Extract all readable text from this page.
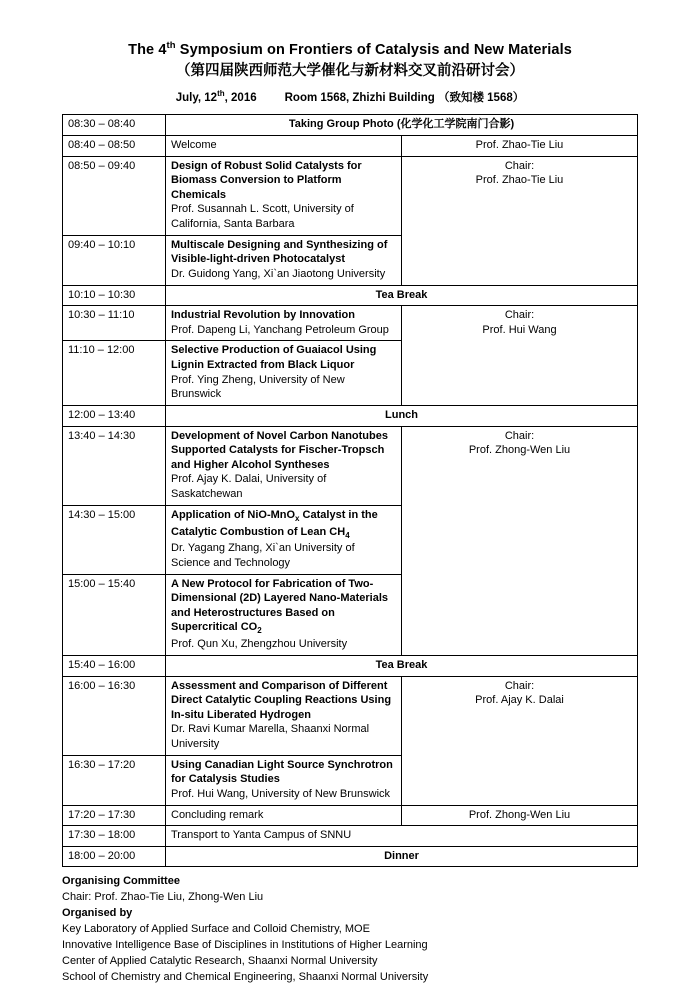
The 4th Symposium on Frontiers of Catalysis and New Materials
（第四届陕西师范大学催化与新材料交叉前沿研讨会）
July, 12th, 2016 Room 1568, Zhizhi Building （致知楼 1568）
08:30 – 08:40	Taking Group Photo (化学化工学院南门合影)	
08:40 – 08:50	Welcome	Prof. Zhao-Tie Liu
08:50 – 09:40	Design of Robust Solid Catalysts for Biomass Conversion to Platform Chemicals
Prof. Susannah L. Scott, University of California, Santa Barbara	Chair:
Prof. Zhao-Tie Liu
09:40 – 10:10	Multiscale Designing and Synthesizing of Visible-light-driven Photocatalyst
Dr. Guidong Yang, Xi`an Jiaotong University	

10:10 – 10:30	Tea Break	
10:30 – 11:10	Industrial Revolution by Innovation
Prof. Dapeng Li, Yanchang Petroleum Group	Chair:
Prof. Hui Wang
11:10 – 12:00	Selective Production of Guaiacol Using Lignin Extracted from Black Liquor
Prof. Ying Zheng, University of New Brunswick	

12:00 – 13:40	Lunch	
13:40 – 14:30	Development of Novel Carbon Nanotubes Supported Catalysts for Fischer-Tropsch and Higher Alcohol Syntheses
Prof. Ajay K. Dalai, University of Saskatchewan	Chair:
Prof. Zhong-Wen Liu
14:30 – 15:00	Application of NiO-MnO$_x$ Catalyst in the Catalytic Combustion of Lean $CH_4$
Dr. Yagang Zhang, Xi`an University of Science and Technology	

15:00 – 15:40	A New Protocol for Fabrication of Two-Dimensional (2D) Layered Nano-Materials and Heterostructures Based on Supercritical $CO_2$
Prof. Qun Xu, Zhengzhou University	

15:40 – 16:00	Tea Break	
16:00 – 16:30	Assessment and Comparison of Different Direct Catalytic Coupling Reactions Using In-situ Liberated Hydrogen
Dr. Ravi Kumar Marella, Shaanxi Normal University	Chair:
Prof. Ajay K. Dalai
16:30 – 17:20	Using Canadian Light Source Synchrotron for Catalysis Studies
Prof. Hui Wang, University of New Brunswick	

17:20 – 17:30	Concluding remark	Prof. Zhong-Wen Liu
17:30 – 18:00	Transport to Yanta Campus of SNNU	
18:00 – 20:00	Dinner	
Organising Committee
Chair: Prof. Zhao-Tie Liu, Zhong-Wen Liu
Organised by
Key Laboratory of Applied Surface and Colloid Chemistry, MOE
Innovative Intelligence Base of Disciplines in Institutions of Higher Learning
Center of Applied Catalytic Research, Shaanxi Normal University
School of Chemistry and Chemical Engineering, Shaanxi Normal University
